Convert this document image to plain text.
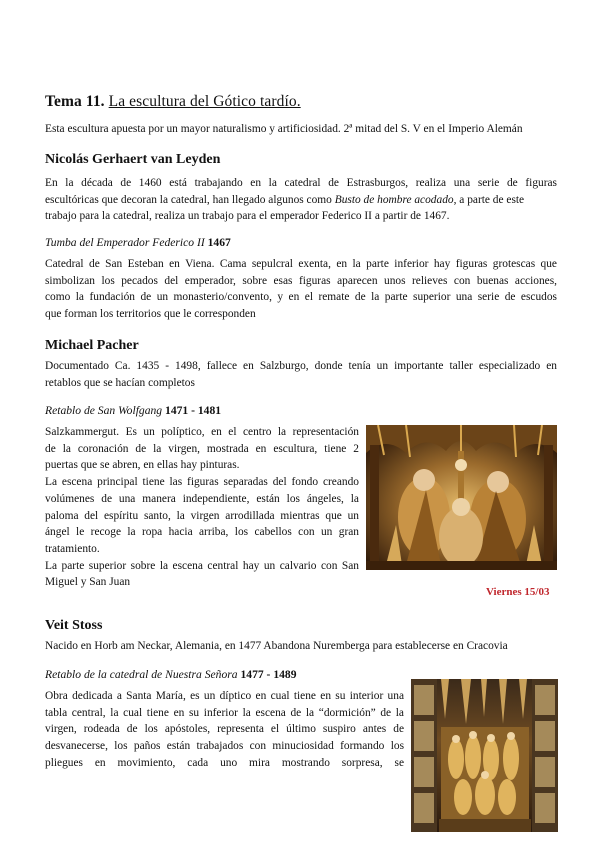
Tema 11. La escultura del Gótico tardío.
Esta escultura apuesta por un mayor naturalismo y artificiosidad. 2ª mitad del S. V en el Imperio Alemán
Nicolás Gerhaert van Leyden
En la década de 1460 está trabajando en la catedral de Estrasburgos, realiza una serie de figuras
escultóricas que decoran la catedral, han llegado algunos como Busto de hombre acodado, a parte de este
trabajo para la catedral, realiza un trabajo para el emperador Federico II a partir de 1467.
Tumba del Emperador Federico II 1467
Catedral de San Esteban en Viena. Cama sepulcral exenta, en la parte inferior hay figuras grotescas que
simbolizan los pecados del emperador, sobre esas figuras aparecen unos relieves con buenas acciones,
como la fundación de un monasterio/convento, y en el remate de la parte superior una serie de escudos
que forman los territorios que le corresponden
Michael Pacher
Documentado Ca. 1435 - 1498, fallece en Salzburgo, donde tenía un importante taller especializado en
retablos que se hacían completos
Retablo de San Wolfgang 1471 - 1481
Salzkammergut. Es un políptico, en el centro la representación
de la coronación de la virgen, mostrada en escultura, tiene 2
puertas que se abren, en ellas hay pinturas.
La escena principal tiene las figuras separadas del fondo creando
volúmenes de una manera independiente, están los ángeles, la
paloma del espíritu santo, la virgen arrodillada mientras que un
ángel le recoge la ropa hacia arriba, los cabellos con un gran
tratamiento.
La parte superior sobre la escena central hay un calvario con San
Miguel y San Juan
Viernes 15/03
Veit Stoss
Nacido en Horb am Neckar, Alemania, en 1477 Abandona Nuremberga para establecerse en Cracovia
Retablo de la catedral de Nuestra Señora 1477 - 1489
Obra dedicada a Santa María, es un díptico en cual tiene en su interior una
tabla central, la cual tiene en su inferior la escena de la “dormición” de la
virgen, rodeada de los apóstoles, representa el último suspiro antes de
desvanecerse, los paños están trabajados con minuciosidad formando los
pliegues en movimiento, cada uno mira mostrando sorpresa, se
